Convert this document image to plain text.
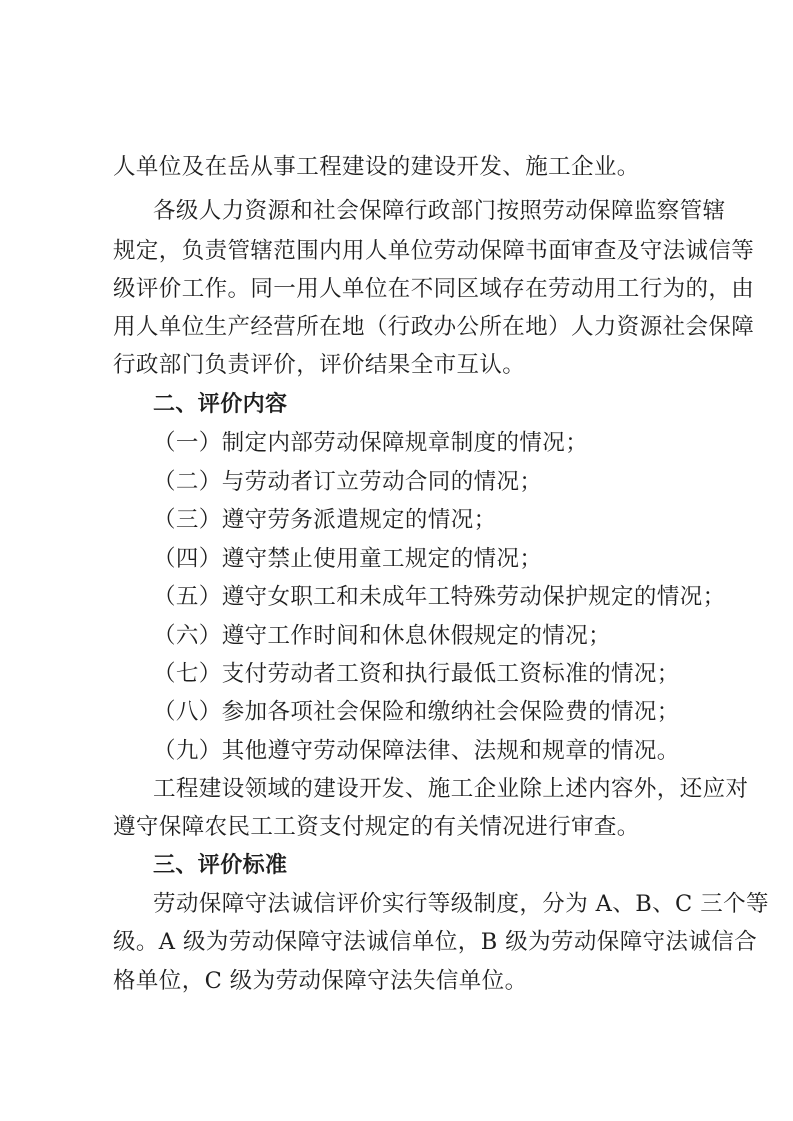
人单位及在岳从事工程建设的建设开发、施工企业。
各级人力资源和社会保障行政部门按照劳动保障监察管辖
规定，负责管辖范围内用人单位劳动保障书面审查及守法诚信等
级评价工作。同一用人单位在不同区域存在劳动用工行为的，由
用人单位生产经营所在地（行政办公所在地）人力资源社会保障
行政部门负责评价，评价结果全市互认。
二、评价内容
（一）制定内部劳动保障规章制度的情况；
（二）与劳动者订立劳动合同的情况；
（三）遵守劳务派遣规定的情况；
（四）遵守禁止使用童工规定的情况；
（五）遵守女职工和未成年工特殊劳动保护规定的情况；
（六）遵守工作时间和休息休假规定的情况；
（七）支付劳动者工资和执行最低工资标准的情况；
（八）参加各项社会保险和缴纳社会保险费的情况；
（九）其他遵守劳动保障法律、法规和规章的情况。
工程建设领域的建设开发、施工企业除上述内容外，还应对
遵守保障农民工工资支付规定的有关情况进行审查。
三、评价标准
劳动保障守法诚信评价实行等级制度，分为 A、B、C 三个等
级。A 级为劳动保障守法诚信单位，B 级为劳动保障守法诚信合
格单位，C 级为劳动保障守法失信单位。
